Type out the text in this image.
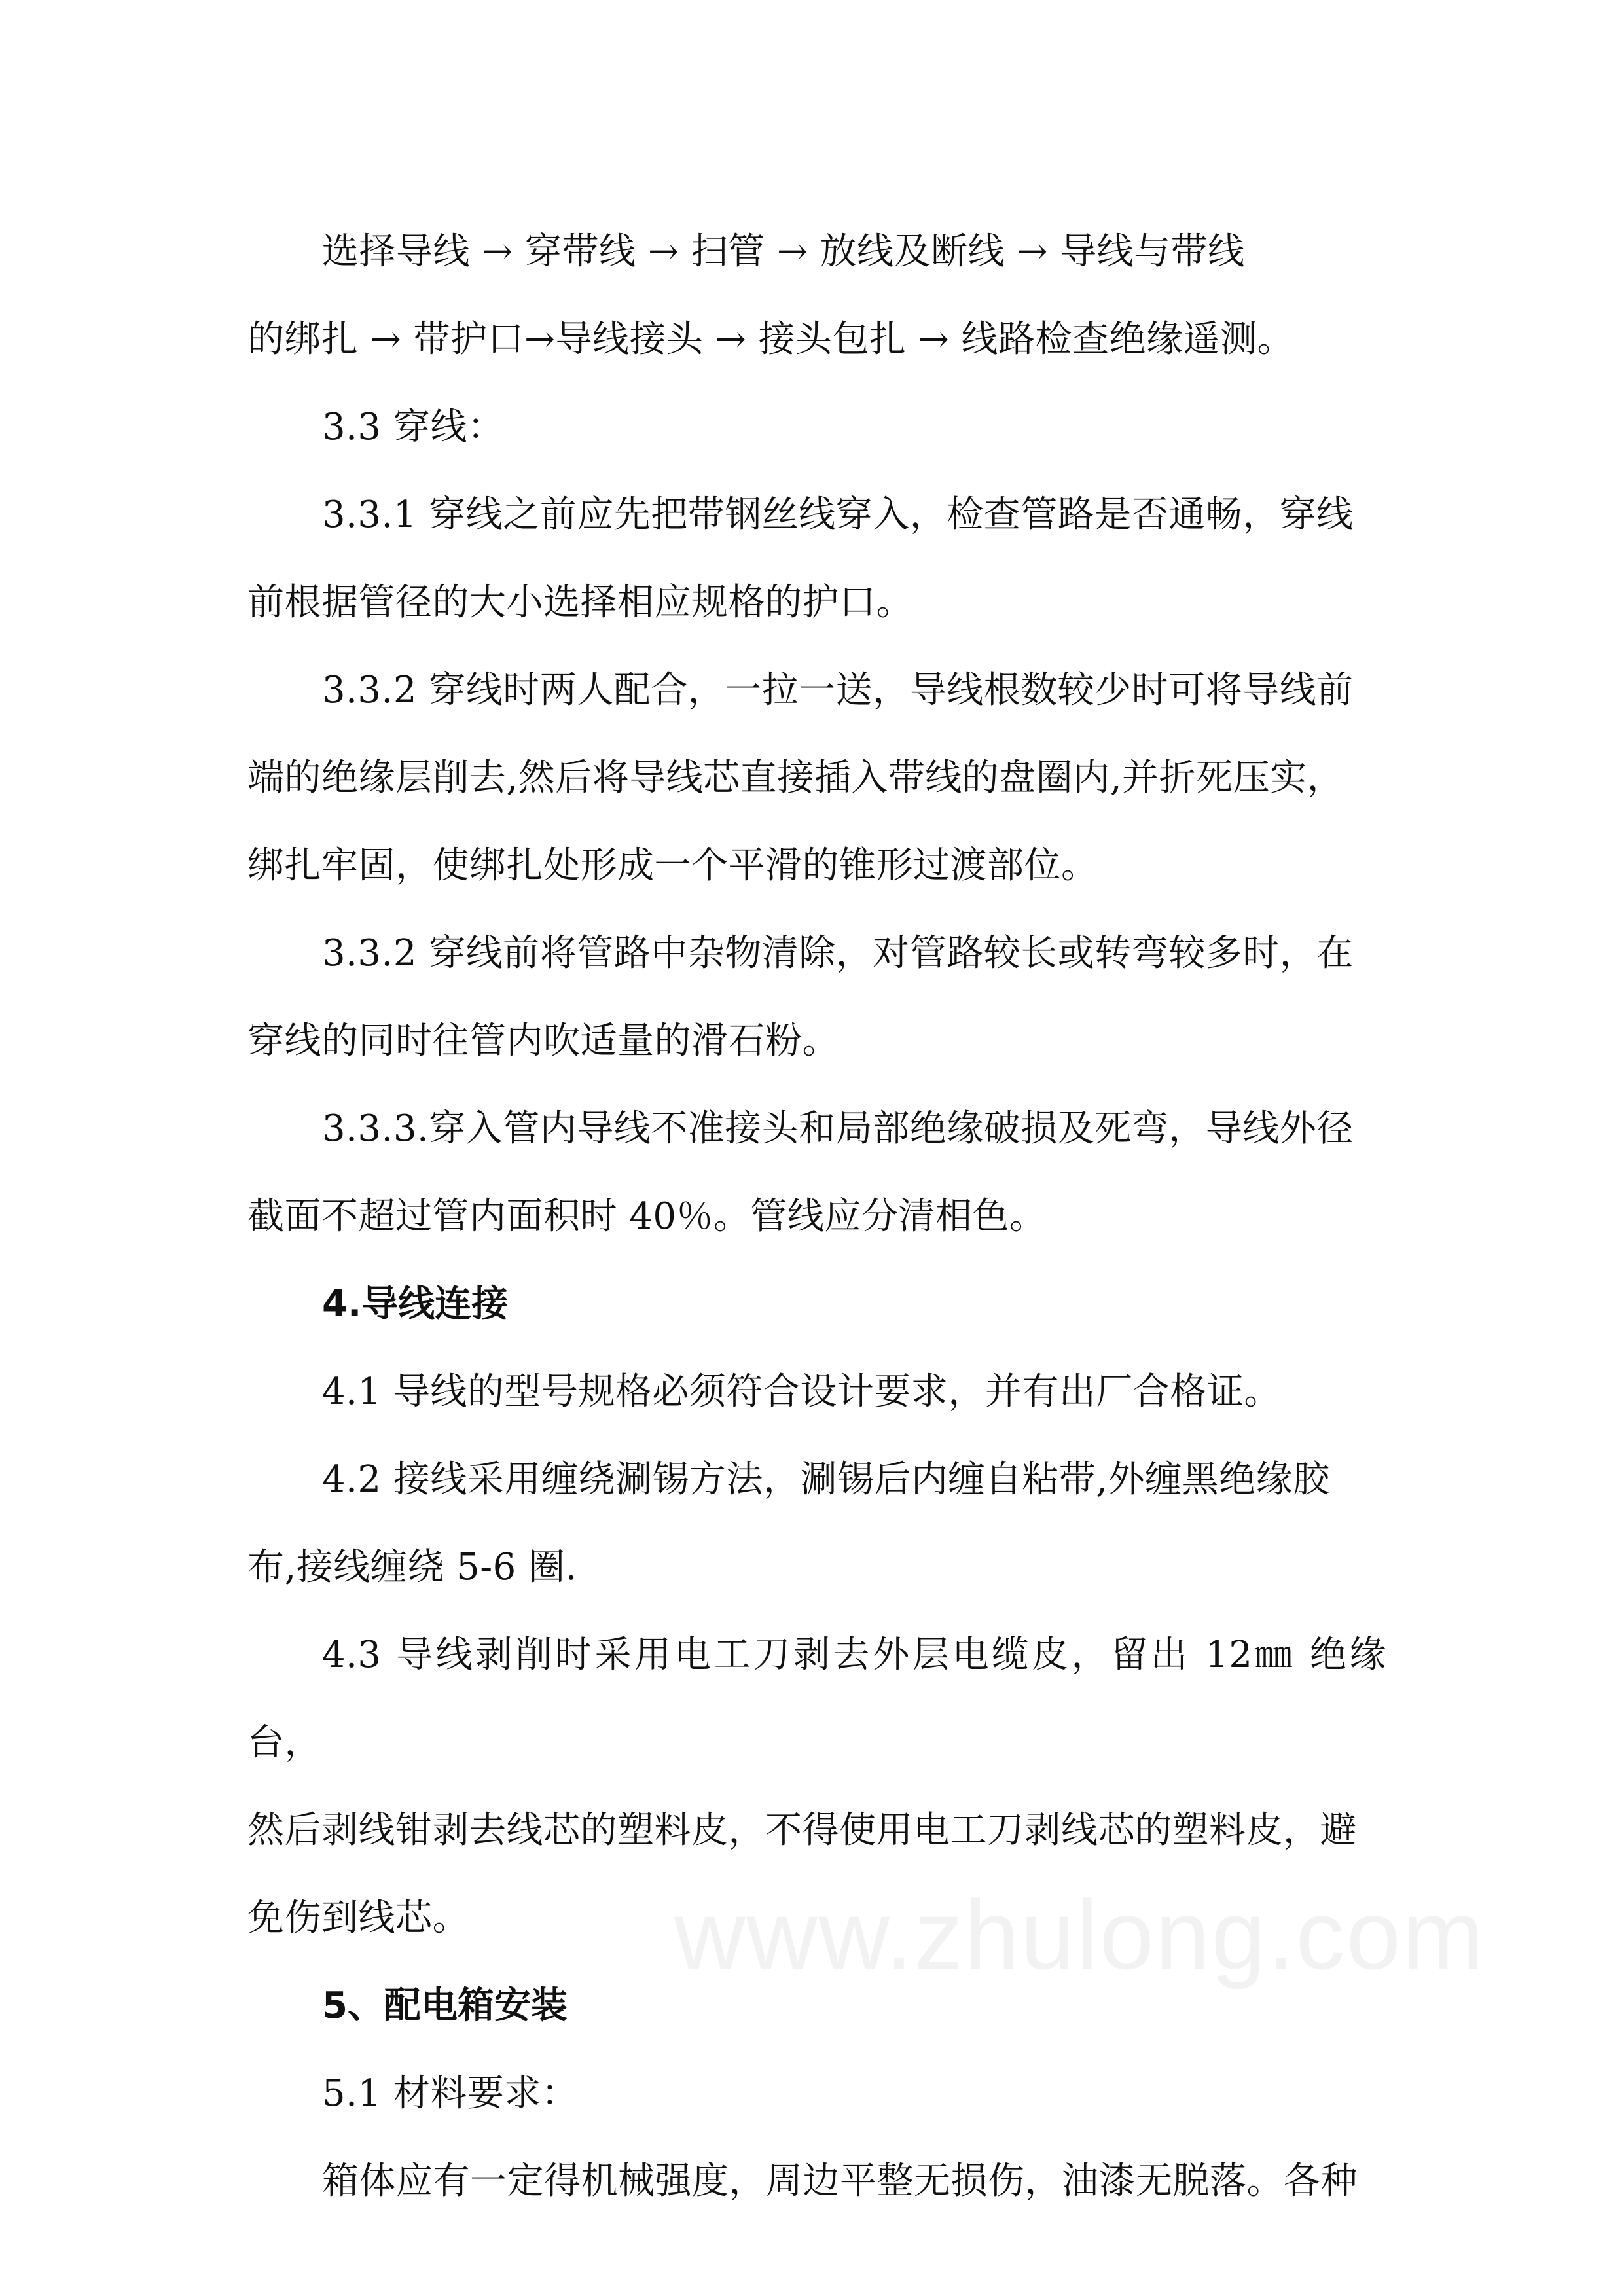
选择导线 → 穿带线 → 扫管 → 放线及断线 → 导线与带线
的绑扎 → 带护口→导线接头 → 接头包扎 → 线路检查绝缘遥测。

3.3 穿线：

3.3.1 穿线之前应先把带钢丝线穿入，检查管路是否通畅，穿线
前根据管径的大小选择相应规格的护口。

3.3.2 穿线时两人配合，一拉一送，导线根数较少时可将导线前
端的绝缘层削去,然后将导线芯直接插入带线的盘圈内,并折死压实，
绑扎牢固，使绑扎处形成一个平滑的锥形过渡部位。

3.3.2 穿线前将管路中杂物清除，对管路较长或转弯较多时，在
穿线的同时往管内吹适量的滑石粉。

3.3.3.穿入管内导线不准接头和局部绝缘破损及死弯，导线外径
截面不超过管内面积时 40％。管线应分清相色。

4.导线连接

4.1 导线的型号规格必须符合设计要求，并有出厂合格证。

4.2 接线采用缠绕涮锡方法，涮锡后内缠自粘带,外缠黑绝缘胶
布,接线缠绕 5-6 圈.

4.3 导线剥削时采用电工刀剥去外层电缆皮，留出 12㎜ 绝缘台，
然后剥线钳剥去线芯的塑料皮，不得使用电工刀剥线芯的塑料皮，避
免伤到线芯。

5、配电箱安装

5.1 材料要求：

箱体应有一定得机械强度，周边平整无损伤，油漆无脱落。各种

www.zhulong.com
